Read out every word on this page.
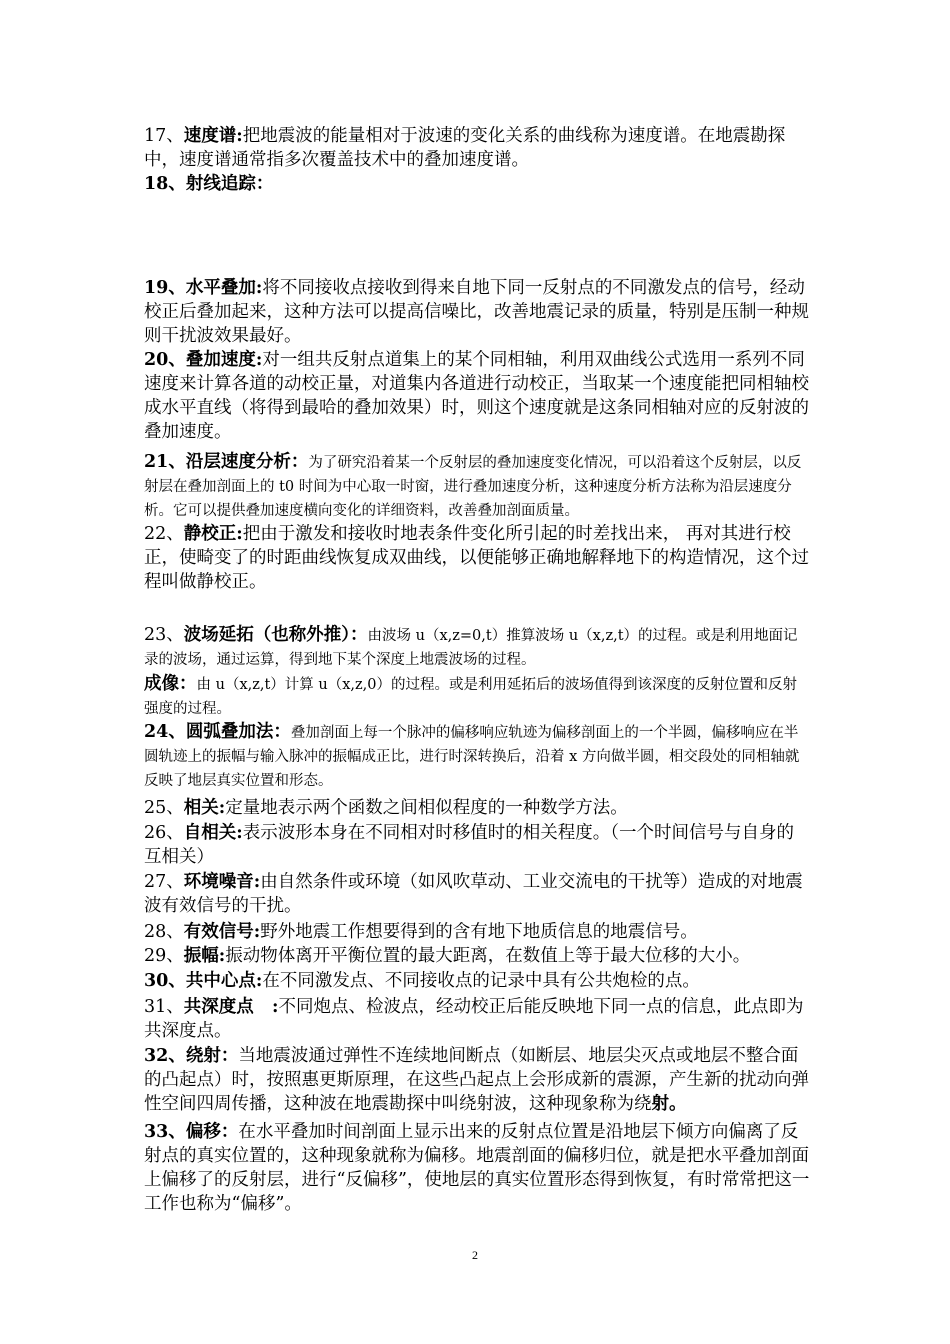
17、速度谱:把地震波的能量相对于波速的变化关系的曲线称为速度谱。在地震勘探中，速度谱通常指多次覆盖技术中的叠加速度谱。

18、射线追踪：

19、水平叠加:将不同接收点接收到得来自地下同一反射点的不同激发点的信号，经动校正后叠加起来，这种方法可以提高信噪比，改善地震记录的质量，特别是压制一种规则干扰波效果最好。

20、叠加速度:对一组共反射点道集上的某个同相轴，利用双曲线公式选用一系列不同速度来计算各道的动校正量，对道集内各道进行动校正，当取某一个速度能把同相轴校成水平直线（将得到最哈的叠加效果）时，则这个速度就是这条同相轴对应的反射波的叠加速度。

21、沿层速度分析：为了研究沿着某一个反射层的叠加速度变化情况，可以沿着这个反射层，以反射层在叠加剖面上的 t0 时间为中心取一时窗，进行叠加速度分析，这种速度分析方法称为沿层速度分析。它可以提供叠加速度横向变化的详细资料，改善叠加剖面质量。

22、静校正:把由于激发和接收时地表条件变化所引起的时差找出来， 再对其进行校正，使畸变了的时距曲线恢复成双曲线，以便能够正确地解释地下的构造情况，这个过程叫做静校正。

23、波场延拓（也称外推）：由波场 u（x,z=0,t）推算波场 u（x,z,t）的过程。或是利用地面记录的波场，通过运算，得到地下某个深度上地震波场的过程。

成像：由 u（x,z,t）计算 u（x,z,0）的过程。或是利用延拓后的波场值得到该深度的反射位置和反射强度的过程。

24、圆弧叠加法：叠加剖面上每一个脉冲的偏移响应轨迹为偏移剖面上的一个半圆，偏移响应在半圆轨迹上的振幅与输入脉冲的振幅成正比，进行时深转换后，沿着 x 方向做半圆，相交段处的同相轴就反映了地层真实位置和形态。

25、相关:定量地表示两个函数之间相似程度的一种数学方法。

26、自相关:表示波形本身在不同相对时移值时的相关程度。（一个时间信号与自身的互相关）

27、环境噪音:由自然条件或环境（如风吹草动、工业交流电的干扰等）造成的对地震波有效信号的干扰。

28、有效信号:野外地震工作想要得到的含有地下地质信息的地震信号。

29、振幅:振动物体离开平衡位置的最大距离，在数值上等于最大位移的大小。

30、共中心点:在不同激发点、不同接收点的记录中具有公共炮检的点。

31、共深度点   :不同炮点、检波点，经动校正后能反映地下同一点的信息，此点即为共深度点。

32、绕射：当地震波通过弹性不连续地间断点（如断层、地层尖灭点或地层不整合面的凸起点）时，按照惠更斯原理，在这些凸起点上会形成新的震源，产生新的扰动向弹性空间四周传播，这种波在地震勘探中叫绕射波，这种现象称为绕射。

33、偏移：在水平叠加时间剖面上显示出来的反射点位置是沿地层下倾方向偏离了反射点的真实位置的，这种现象就称为偏移。地震剖面的偏移归位，就是把水平叠加剖面上偏移了的反射层，进行“反偏移”，使地层的真实位置形态得到恢复，有时常常把这一工作也称为“偏移”。

2
